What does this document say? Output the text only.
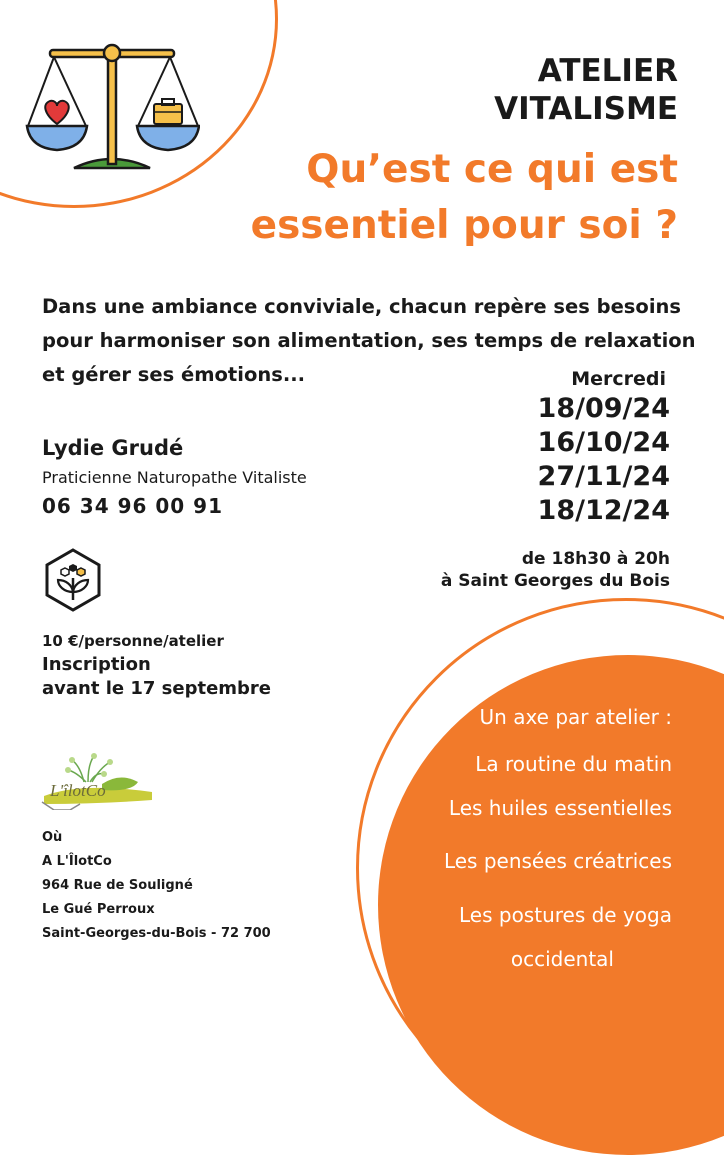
ATELIER
VITALISME
Qu’est ce qui est
essentiel pour soi ?
Dans une ambiance conviviale, chacun repère ses besoins pour harmoniser son alimentation, ses temps de relaxation et gérer ses émotions...	Mercredi
18/09/24
16/10/24
27/11/24
18/12/24
Lydie Grudé
Praticienne Naturopathe Vitaliste
06 34 96 00 91
de 18h30 à 20h
à Saint Georges du Bois
10 €/personne/atelier
Inscription
avant le 17 septembre
L'îlotCo
Où
A L'ÎlotCo
964 Rue de Souligné
Le Gué Perroux
Saint-Georges-du-Bois - 72 700
Un axe par atelier :
La routine du matin
Les huiles essentielles
Les pensées créatrices
Les postures de yoga
occidental
